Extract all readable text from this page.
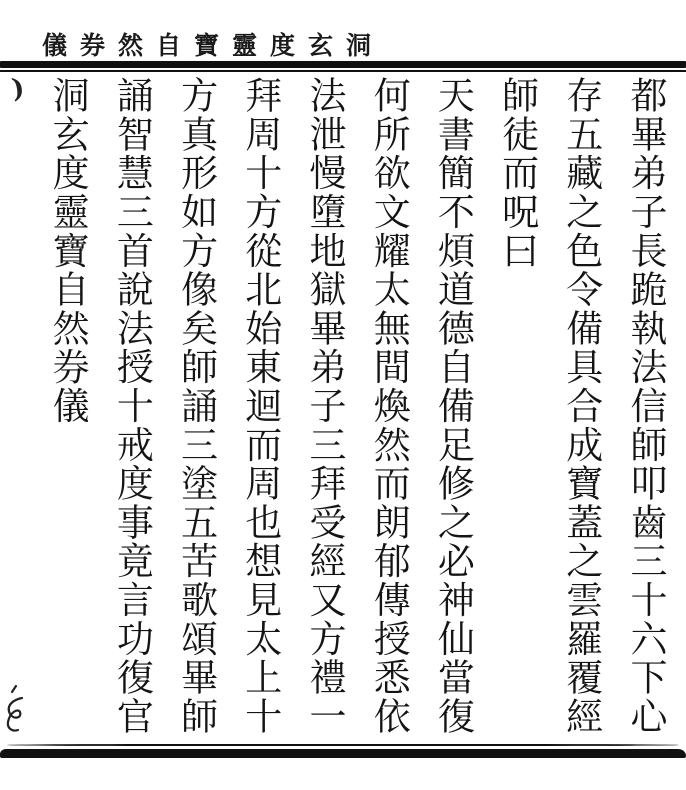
儀券然自寶靈度玄洞
都畢弟子長跪執法信師叩齒三十六下心
存五藏之色令備具合成寶蓋之雲羅覆經
師徒而呪曰
天書簡不煩道德自備足修之必神仙當復
何所欲文耀太無間煥然而朗郁傳授悉依
法泄慢墮地獄畢弟子三拜受經又方禮一
拜周十方從北始東迴而周也想見太上十
方真形如方像矣師誦三塗五苦歌頌畢師
誦智慧三首說法授十戒度事竟言功復官
洞玄度靈寶自然券儀
)
